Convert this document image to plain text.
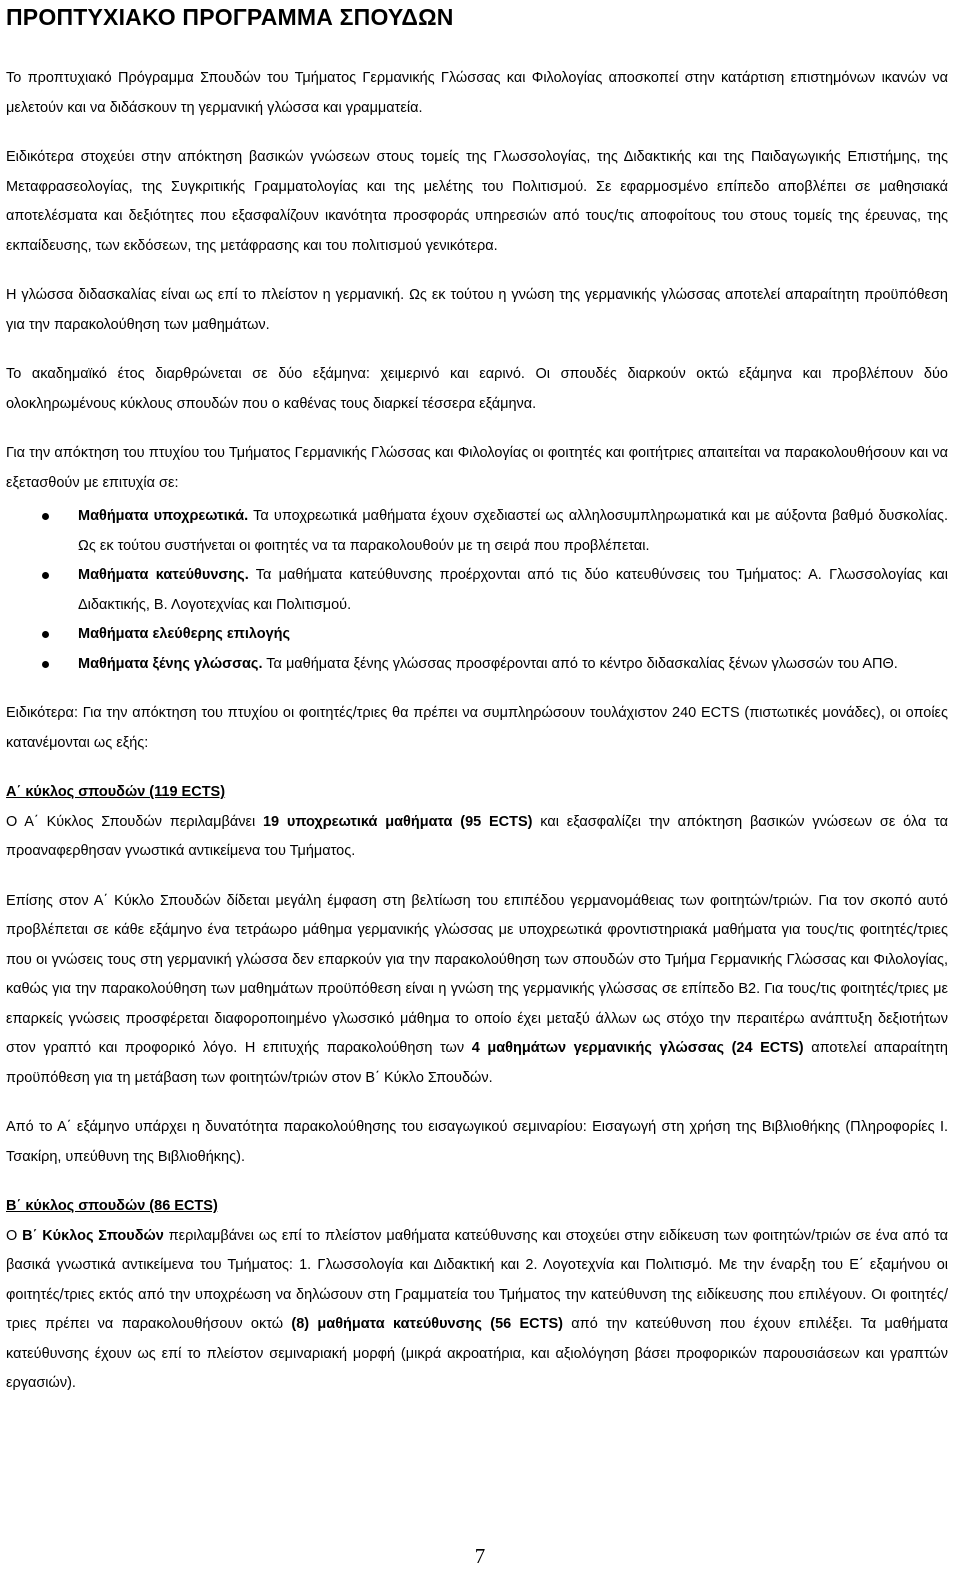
ΠΡΟΠΤΥΧΙΑΚΟ ΠΡΟΓΡΑΜΜΑ ΣΠΟΥΔΩΝ

Το προπτυχιακό Πρόγραμμα Σπουδών του Τμήματος Γερμανικής Γλώσσας και Φιλολογίας αποσκοπεί στην κατάρτιση επιστημόνων ικανών να μελετούν και να διδάσκουν τη γερμανική γλώσσα και γραμματεία.

Ειδικότερα στοχεύει στην απόκτηση βασικών γνώσεων στους τομείς της Γλωσσολογίας, της Διδακτικής και της Παιδαγωγικής Επιστήμης, της Μεταφρασεολογίας, της Συγκριτικής Γραμματολογίας και της μελέτης του Πολιτισμού. Σε εφαρμοσμένο επίπεδο αποβλέπει σε μαθησιακά αποτελέσματα και δεξιότητες που εξασφαλίζουν ικανότητα προσφοράς υπηρεσιών από τους/τις αποφοίτους του στους τομείς της έρευνας, της εκπαίδευσης, των εκδόσεων, της μετάφρασης και του πολιτισμού γενικότερα.

Η γλώσσα διδασκαλίας είναι ως επί το πλείστον η γερμανική. Ως εκ τούτου η γνώση της γερμανικής γλώσσας αποτελεί απαραίτητη προϋπόθεση για την παρακολούθηση των μαθημάτων.

Το ακαδημαϊκό έτος διαρθρώνεται σε δύο εξάμηνα: χειμερινό και εαρινό. Οι σπουδές διαρκούν οκτώ εξάμηνα και προβλέπουν δύο ολοκληρωμένους κύκλους σπουδών που ο καθένας τους διαρκεί τέσσερα εξάμηνα.

Για την απόκτηση του πτυχίου του Τμήματος Γερμανικής Γλώσσας και Φιλολογίας οι φοιτητές και φοιτήτριες απαιτείται να παρακολουθήσουν και να εξετασθούν με επιτυχία σε:

Μαθήματα υποχρεωτικά. Τα υποχρεωτικά μαθήματα έχουν σχεδιαστεί ως αλληλοσυμπληρωματικά και με αύξοντα βαθμό δυσκολίας. Ως εκ τούτου συστήνεται οι φοιτητές να τα παρακολουθούν με τη σειρά που προβλέπεται.
Μαθήματα κατεύθυνσης. Τα μαθήματα κατεύθυνσης προέρχονται από τις δύο κατευθύνσεις του Τμήματος: Α. Γλωσσολογίας και Διδακτικής, Β. Λογοτεχνίας και Πολιτισμού.
Μαθήματα ελεύθερης επιλογής
Μαθήματα ξένης γλώσσας. Τα μαθήματα ξένης γλώσσας προσφέρονται από το κέντρο διδασκαλίας ξένων γλωσσών του ΑΠΘ.

Ειδικότερα: Για την απόκτηση του πτυχίου οι φοιτητές/τριες θα πρέπει να συμπληρώσουν τουλάχιστον 240 ECTS (πιστωτικές μονάδες), οι οποίες κατανέμονται ως εξής:

Α΄ κύκλος σπουδών (119 ECTS)

Ο Α΄ Κύκλος Σπουδών περιλαμβάνει 19 υποχρεωτικά μαθήματα (95 ECTS) και εξασφαλίζει την απόκτηση βασικών γνώσεων σε όλα τα προαναφερθησαν γνωστικά αντικείμενα του Τμήματος.

Επίσης στον Α΄ Κύκλο Σπουδών δίδεται μεγάλη έμφαση στη βελτίωση του επιπέδου γερμανομάθειας των φοιτητών/τριών. Για τον σκοπό αυτό προβλέπεται σε κάθε εξάμηνο ένα τετράωρο μάθημα γερμανικής γλώσσας με υποχρεωτικά φροντιστηριακά μαθήματα για τους/τις φοιτητές/τριες που οι γνώσεις τους στη γερμανική γλώσσα δεν επαρκούν για την παρακολούθηση των σπουδών στο Τμήμα Γερμανικής Γλώσσας και Φιλολογίας, καθώς για την παρακολούθηση των μαθημάτων προϋπόθεση είναι η γνώση της γερμανικής γλώσσας σε επίπεδο Β2. Για τους/τις φοιτητές/τριες με επαρκείς γνώσεις προσφέρεται διαφοροποιημένο γλωσσικό μάθημα το οποίο έχει μεταξύ άλλων ως στόχο την περαιτέρω ανάπτυξη δεξιοτήτων στον γραπτό και προφορικό λόγο. Η επιτυχής παρακολούθηση των 4 μαθημάτων γερμανικής γλώσσας (24 ECTS) αποτελεί απαραίτητη προϋπόθεση για τη μετάβαση των φοιτητών/τριών στον Β΄ Κύκλο Σπουδών.

Από το Α΄ εξάμηνο υπάρχει η δυνατότητα παρακολούθησης του εισαγωγικού σεμιναρίου: Εισαγωγή στη χρήση της Βιβλιοθήκης (Πληροφορίες Ι. Τσακίρη, υπεύθυνη της Βιβλιοθήκης).

Β΄ κύκλος σπουδών (86 ECTS)

Ο Β΄ Κύκλος Σπουδών περιλαμβάνει ως επί το πλείστον μαθήματα κατεύθυνσης και στοχεύει στην ειδίκευση των φοιτητών/τριών σε ένα από τα βασικά γνωστικά αντικείμενα του Τμήματος: 1. Γλωσσολογία και Διδακτική και 2. Λογοτεχνία και Πολιτισμό. Με την έναρξη του Ε΄ εξαμήνου οι φοιτητές/τριες εκτός από την υποχρέωση να δηλώσουν στη Γραμματεία του Τμήματος την κατεύθυνση της ειδίκευσης που επιλέγουν. Οι φοιτητές/τριες πρέπει να παρακολουθήσουν οκτώ (8) μαθήματα κατεύθυνσης (56 ECTS) από την κατεύθυνση που έχουν επιλέξει. Τα μαθήματα κατεύθυνσης έχουν ως επί το πλείστον σεμιναριακή μορφή (μικρά ακροατήρια, και αξιολόγηση βάσει προφορικών παρουσιάσεων και γραπτών εργασιών).

7
